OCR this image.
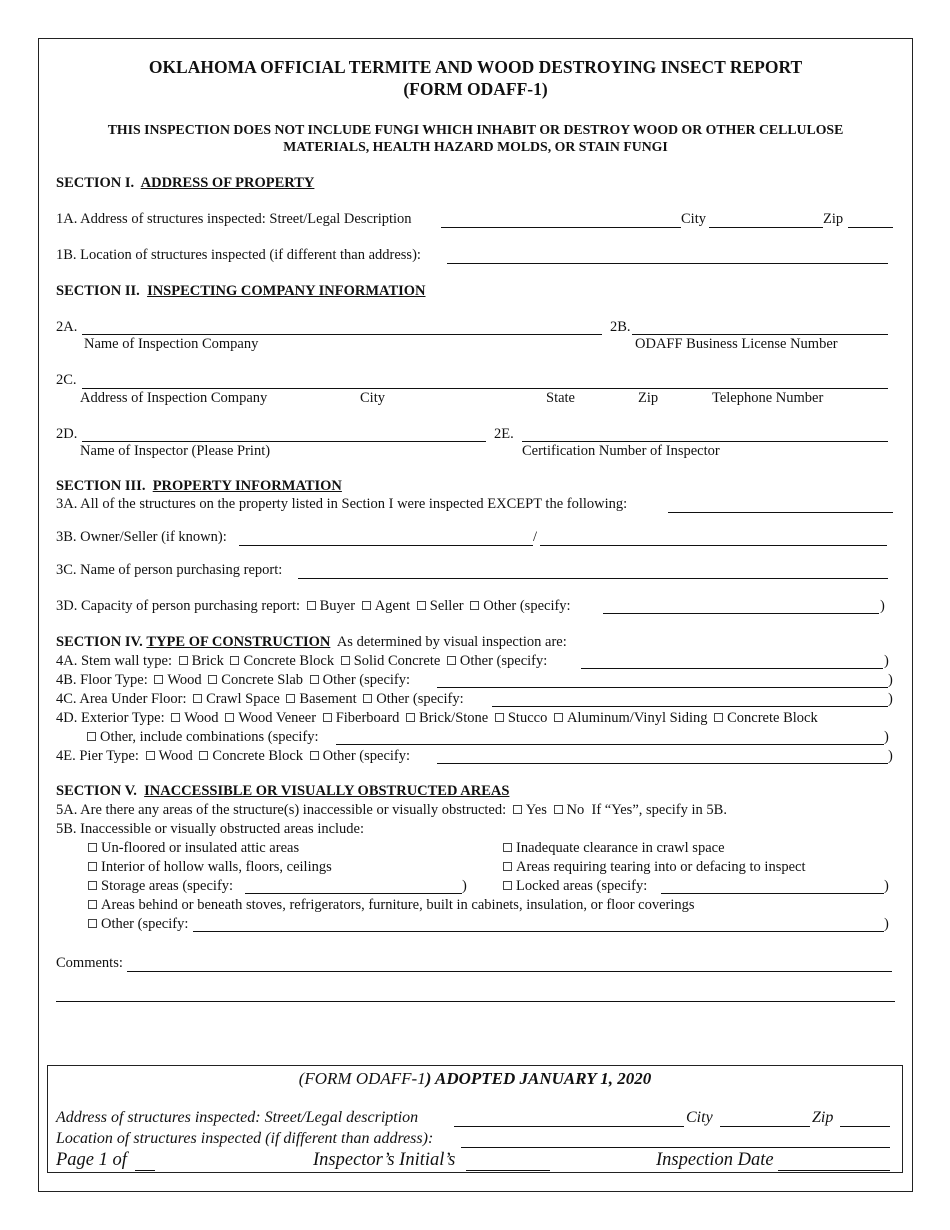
OKLAHOMA OFFICIAL TERMITE AND WOOD DESTROYING INSECT REPORT
(FORM ODAFF-1)
THIS INSPECTION DOES NOT INCLUDE FUNGI WHICH INHABIT OR DESTROY WOOD OR OTHER CELLULOSE
MATERIALS, HEALTH HAZARD MOLDS, OR STAIN FUNGI
SECTION I. ADDRESS OF PROPERTY
1A. Address of structures inspected: Street/Legal Description	City	Zip
1B. Location of structures inspected (if different than address):
SECTION II. INSPECTING COMPANY INFORMATION
2A.
Name of Inspection Company
2B.
ODAFF Business License Number
2C.
Address of Inspection Company	City	State	Zip	Telephone Number
2D.
Name of Inspector (Please Print)
2E.
Certification Number of Inspector
SECTION III. PROPERTY INFORMATION
3A. All of the structures on the property listed in Section I were inspected EXCEPT the following:
3B. Owner/Seller (if known):	/
3C. Name of person purchasing report:
3D. Capacity of person purchasing report: Buyer Agent Seller Other (specify:	)
SECTION IV. TYPE OF CONSTRUCTION As determined by visual inspection are:
4A. Stem wall type: Brick Concrete Block Solid Concrete Other (specify:	)
4B. Floor Type: Wood Concrete Slab Other (specify:	)
4C. Area Under Floor: Crawl Space Basement Other (specify:	)
4D. Exterior Type: Wood Wood Veneer Fiberboard Brick/Stone Stucco Aluminum/Vinyl Siding Concrete Block
Other, include combinations (specify:	)
4E. Pier Type: Wood Concrete Block Other (specify:	)
SECTION V. INACCESSIBLE OR VISUALLY OBSTRUCTED AREAS
5A. Are there any areas of the structure(s) inaccessible or visually obstructed: Yes No If “Yes”, specify in 5B.
5B. Inaccessible or visually obstructed areas include:
Un-floored or insulated attic areas	Inadequate clearance in crawl space
Interior of hollow walls, floors, ceilings	Areas requiring tearing into or defacing to inspect
Storage areas (specify:	)	Locked areas (specify:	)
Areas behind or beneath stoves, refrigerators, furniture, built in cabinets, insulation, or floor coverings
Other (specify:	)
Comments:
(FORM ODAFF-1) ADOPTED JANUARY 1, 2020
Address of structures inspected: Street/Legal description	City	Zip
Location of structures inspected (if different than address):
Page 1 of	Inspector’s Initial’s	Inspection Date
